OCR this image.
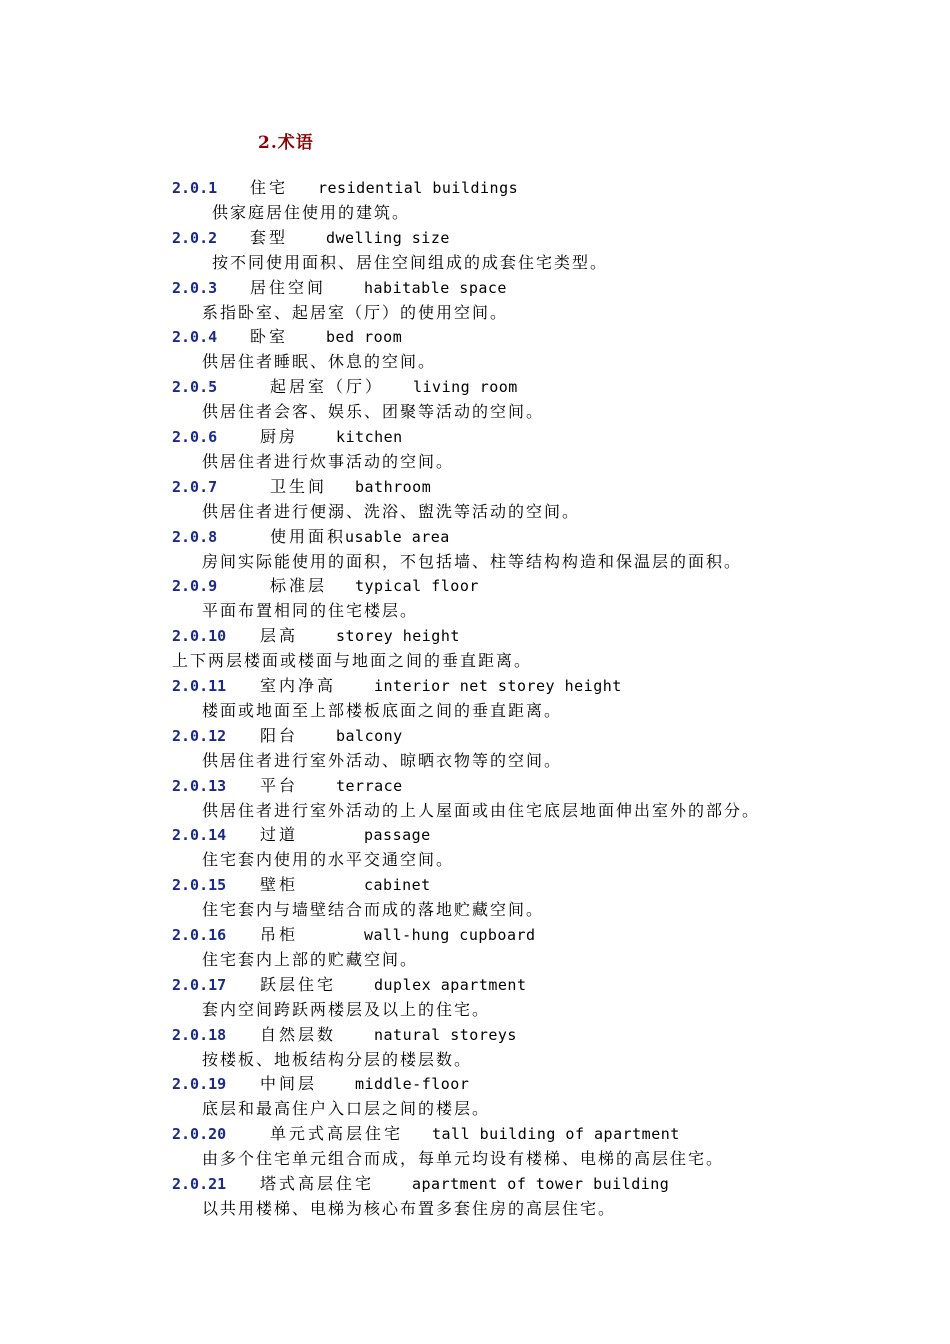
2.术语
2.0.1 住宅 residential buildings
供家庭居住使用的建筑。
2.0.2 套型	dwelling size
按不同使用面积、居住空间组成的成套住宅类型。
2.0.3 居住空间	habitable space
系指卧室、起居室（厅）的使用空间。
2.0.4 卧室	bed room
供居住者睡眠、休息的空间。
2.0.5	起居室（厅） living room
供居住者会客、娱乐、团聚等活动的空间。
2.0.6	厨房	kitchen
供居住者进行炊事活动的空间。
2.0.7	卫生间 bathroom
供居住者进行便溺、洗浴、盥洗等活动的空间。
2.0.8	使用面积usable area
房间实际能使用的面积，不包括墙、柱等结构构造和保温层的面积。
2.0.9	标准层 typical floor
平面布置相同的住宅楼层。
2.0.10 层高	storey height
上下两层楼面或楼面与地面之间的垂直距离。
2.0.11 室内净高	interior net storey height
楼面或地面至上部楼板底面之间的垂直距离。
2.0.12 阳台	balcony
供居住者进行室外活动、晾晒衣物等的空间。
2.0.13 平台	terrace
供居住者进行室外活动的上人屋面或由住宅底层地面伸出室外的部分。
2.0.14 过道	passage
住宅套内使用的水平交通空间。
2.0.15 壁柜	cabinet
住宅套内与墙壁结合而成的落地贮藏空间。
2.0.16 吊柜	wall-hung cupboard
住宅套内上部的贮藏空间。
2.0.17 跃层住宅	duplex apartment
套内空间跨跃两楼层及以上的住宅。
2.0.18 自然层数	natural storeys
按楼板、地板结构分层的楼层数。
2.0.19 中间层	middle-floor
底层和最高住户入口层之间的楼层。
2.0.20	单元式高层住宅 tall building of apartment
由多个住宅单元组合而成，每单元均设有楼梯、电梯的高层住宅。
2.0.21 塔式高层住宅	apartment of tower building
以共用楼梯、电梯为核心布置多套住房的高层住宅。
